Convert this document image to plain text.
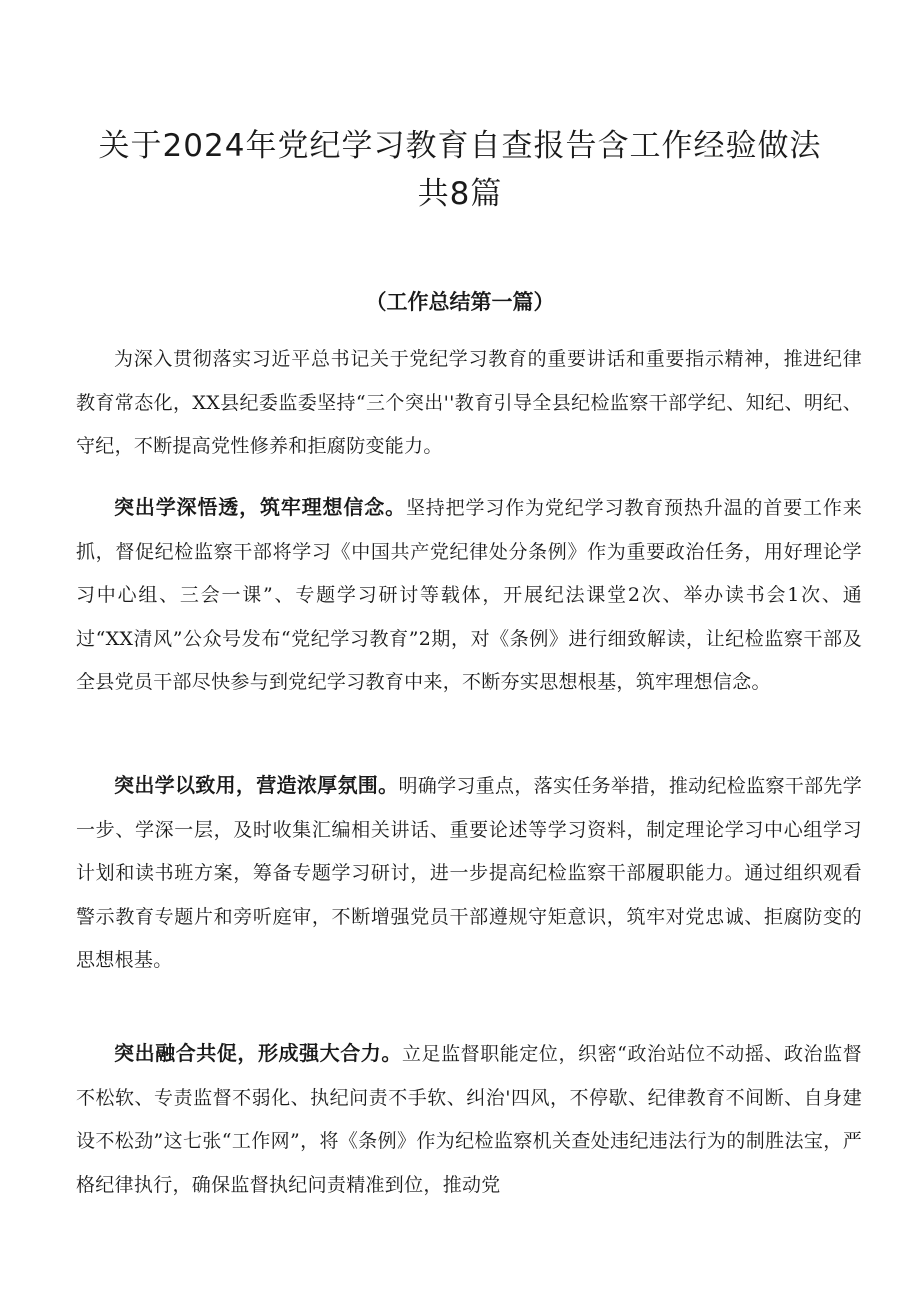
关于2024年党纪学习教育自查报告含工作经验做法
共8篇
（工作总结第一篇）

为深入贯彻落实习近平总书记关于党纪学习教育的重要讲话和重要指示精神，推进纪律教育常态化，XX县纪委监委坚持“三个突出''教育引导全县纪检监察干部学纪、知纪、明纪、守纪，不断提高党性修养和拒腐防变能力。

突出学深悟透，筑牢理想信念。坚持把学习作为党纪学习教育预热升温的首要工作来抓，督促纪检监察干部将学习《中国共产党纪律处分条例》作为重要政治任务，用好理论学习中心组、三会一课”、专题学习研讨等载体，开展纪法课堂2次、举办读书会1次、通过“XX清风”公众号发布“党纪学习教育”2期，对《条例》进行细致解读，让纪检监察干部及全县党员干部尽快参与到党纪学习教育中来，不断夯实思想根基，筑牢理想信念。

突出学以致用，营造浓厚氛围。明确学习重点，落实任务举措，推动纪检监察干部先学一步、学深一层，及时收集汇编相关讲话、重要论述等学习资料，制定理论学习中心组学习计划和读书班方案，筹备专题学习研讨，进一步提高纪检监察干部履职能力。通过组织观看警示教育专题片和旁听庭审，不断增强党员干部遵规守矩意识，筑牢对党忠诚、拒腐防变的思想根基。

突出融合共促，形成强大合力。立足监督职能定位，织密“政治站位不动摇、政治监督不松软、专责监督不弱化、执纪问责不手软、纠治'四风，不停歇、纪律教育不间断、自身建设不松劲”这七张“工作网”，将《条例》作为纪检监察机关查处违纪违法行为的制胜法宝，严格纪律执行，确保监督执纪问责精准到位，推动党
